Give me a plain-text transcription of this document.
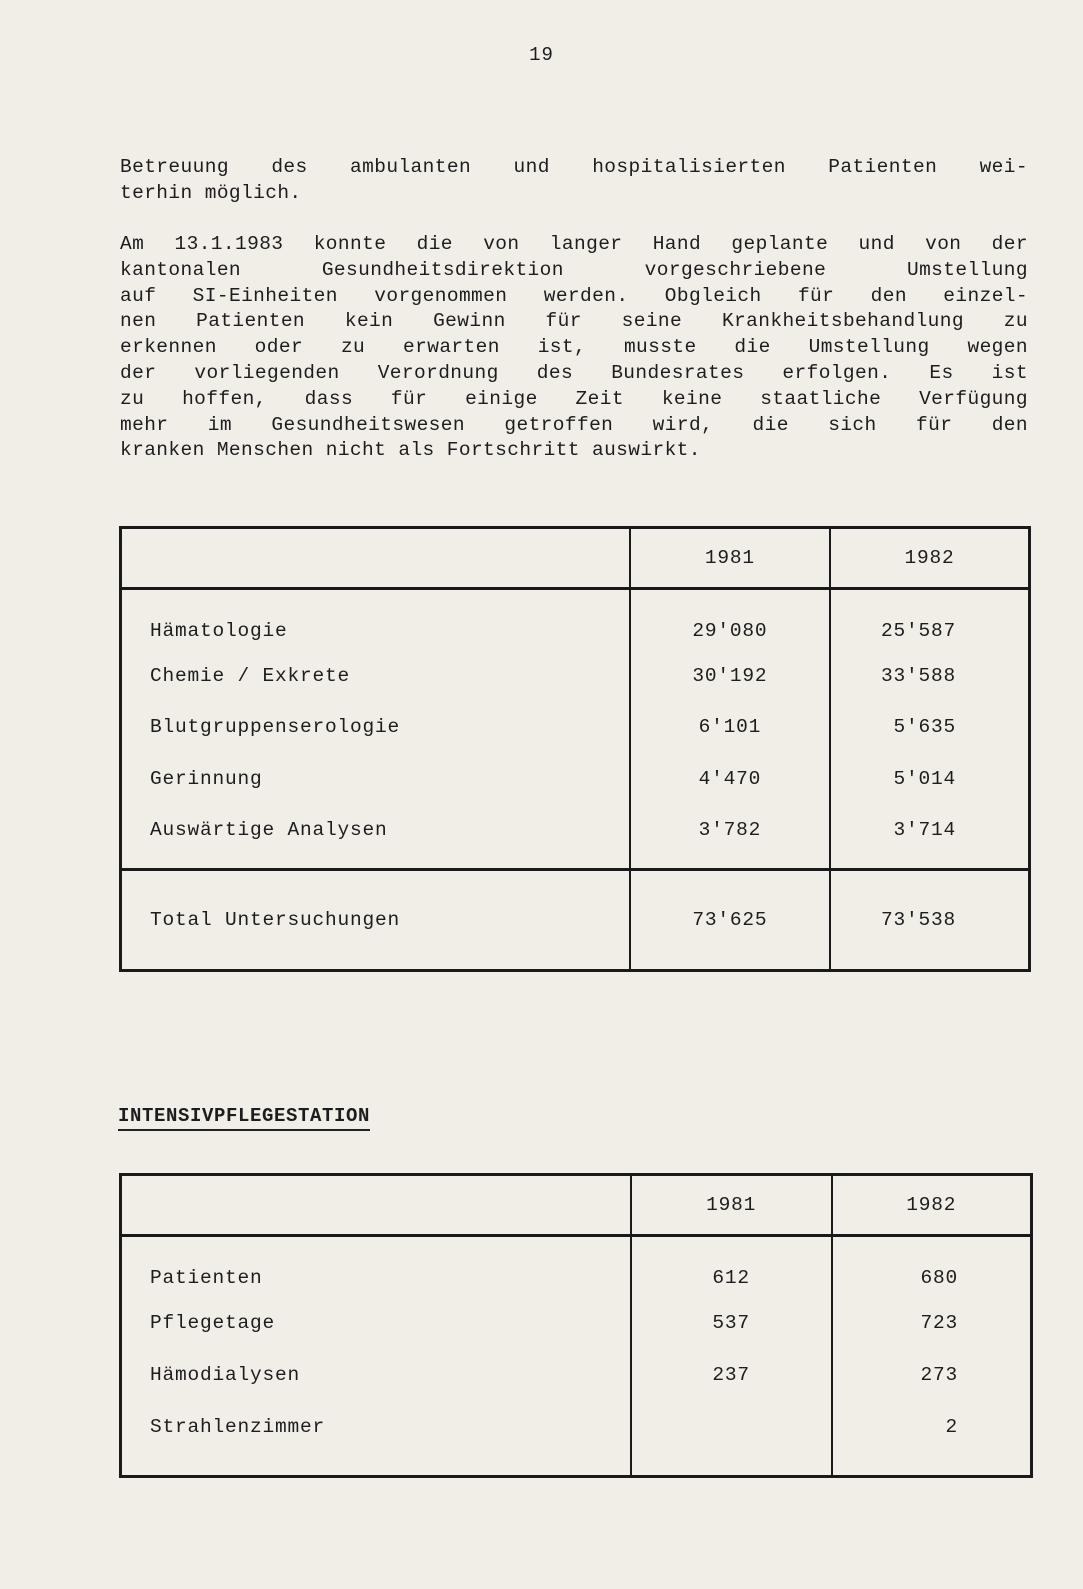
19
Betreuung des ambulanten und hospitalisierten Patienten wei-
terhin möglich.
Am 13.1.1983 konnte die von langer Hand geplante und von der
kantonalen Gesundheitsdirektion vorgeschriebene Umstellung
auf SI-Einheiten vorgenommen werden. Obgleich für den einzel-
nen Patienten kein Gewinn für seine Krankheitsbehandlung zu
erkennen oder zu erwarten ist, musste die Umstellung wegen
der vorliegenden Verordnung des Bundesrates erfolgen. Es ist
zu hoffen, dass für einige Zeit keine staatliche Verfügung
mehr im Gesundheitswesen getroffen wird, die sich für den
kranken Menschen nicht als Fortschritt auswirkt.
	1981	1982
Hämatologie	29'080	25'587
Chemie / Exkrete	30'192	33'588
Blutgruppenserologie	6'101	5'635
Gerinnung	4'470	5'014
Auswärtige Analysen	3'782	3'714

Total Untersuchungen	73'625	73'538
INTENSIVPFLEGESTATION
	1981	1982
Patienten	612	680
Pflegetage	537	723
Hämodialysen	237	273
Strahlenzimmer		2
